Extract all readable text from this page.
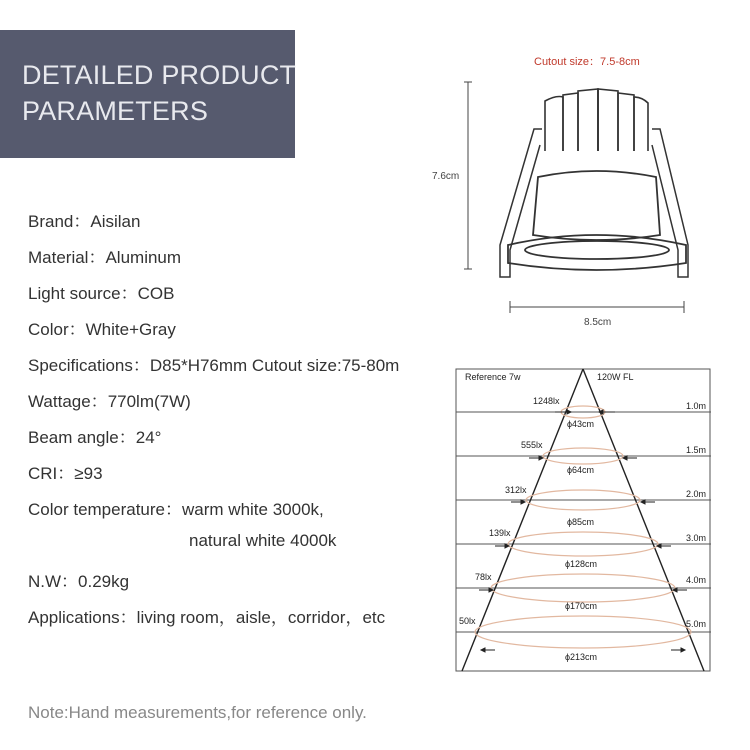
DETAILED PRODUCT
PARAMETERS
Brand：Aisilan
Material：Aluminum
Light source：COB
Color：White+Gray
Specifications：D85*H76mm Cutout size:75-80m
Wattage：770lm(7W)
Beam angle：24°
CRI：≥93
Color temperature：warm white 3000k,
natural white 4000k
N.W：0.29kg
Applications：living room，aisle，corridor，etc
Note:Hand measurements,for reference only.
Cutout size：7.5-8cm
7.6cm
8.5cm
Reference 7w	120W FL
1248lx
ϕ43cm
1.0m
555lx
ϕ64cm
1.5m
312lx
ϕ85cm
2.0m
139lx
ϕ128cm
3.0m
78lx
ϕ170cm
4.0m
50lx
ϕ213cm
5.0m
